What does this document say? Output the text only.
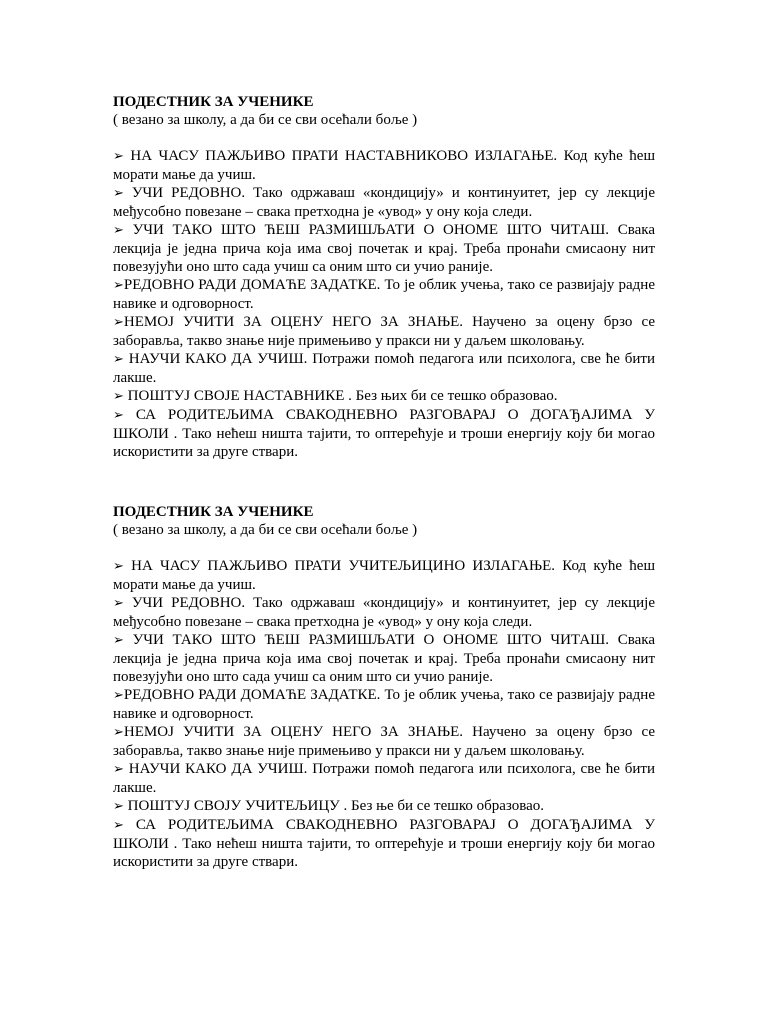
ПОДЕСТНИК ЗА УЧЕНИКЕ

( везано за школу, а да би се сви осећали боље )

➢ НА ЧАСУ ПАЖЉИВО ПРАТИ НАСТАВНИКОВО ИЗЛАГАЊЕ. Код куће ћеш морати мање да учиш.

➢ УЧИ РЕДОВНО. Тако одржаваш «кондицију» и континуитет, јер су лекције међусобно повезане – свака претходна је «увод» у ону која следи.

➢ УЧИ ТАКО ШТО ЋЕШ РАЗМИШЉАТИ О ОНОМЕ ШТО ЧИТАШ. Свака лекција је једна прича која има свој почетак и крај. Треба пронаћи смисаону нит повезујући оно што сада учиш са оним што си учио раније.

➢РЕДОВНО РАДИ ДОМАЋЕ ЗАДАТКЕ. То је облик учења, тако се развијају радне навике и одговорност.

➢НЕМОЈ УЧИТИ ЗА ОЦЕНУ НЕГО ЗА ЗНАЊЕ. Научено за оцену брзо се заборавља, такво знање није примењиво у пракси ни у даљем школовању.

➢ НАУЧИ КАКО ДА УЧИШ. Потражи помоћ педагога или психолога, све ће бити лакше.

➢ ПОШТУЈ СВОЈЕ НАСТАВНИКЕ . Без њих би се тешко образовао.

➢ СА РОДИТЕЉИМА СВАКОДНЕВНО РАЗГОВАРАЈ О ДОГАЂАЈИМА У ШКОЛИ . Тако нећеш ништа тајити, то оптерећује и троши енергију коју би могао искористити за друге ствари.

ПОДЕСТНИК ЗА УЧЕНИКЕ

( везано за школу, а да би се сви осећали боље )

➢ НА ЧАСУ ПАЖЉИВО ПРАТИ УЧИТЕЉИЦИНО ИЗЛАГАЊЕ. Код куће ћеш морати мање да учиш.

➢ УЧИ РЕДОВНО. Тако одржаваш «кондицију» и континуитет, јер су лекције међусобно повезане – свака претходна је «увод» у ону која следи.

➢ УЧИ ТАКО ШТО ЋЕШ РАЗМИШЉАТИ О ОНОМЕ ШТО ЧИТАШ. Свака лекција је једна прича која има свој почетак и крај. Треба пронаћи смисаону нит повезујући оно што сада учиш са оним што си учио раније.

➢РЕДОВНО РАДИ ДОМАЋЕ ЗАДАТКЕ. То је облик учења, тако се развијају радне навике и одговорност.

➢НЕМОЈ УЧИТИ ЗА ОЦЕНУ НЕГО ЗА ЗНАЊЕ. Научено за оцену брзо се заборавља, такво знање није примењиво у пракси ни у даљем школовању.

➢ НАУЧИ КАКО ДА УЧИШ. Потражи помоћ педагога или психолога, све ће бити лакше.

➢ ПОШТУЈ СВОЈУ УЧИТЕЉИЦУ . Без ње би се тешко образовао.

➢ СА РОДИТЕЉИМА СВАКОДНЕВНО РАЗГОВАРАЈ О ДОГАЂАЈИМА У ШКОЛИ . Тако нећеш ништа тајити, то оптерећује и троши енергију коју би могао искористити за друге ствари.
